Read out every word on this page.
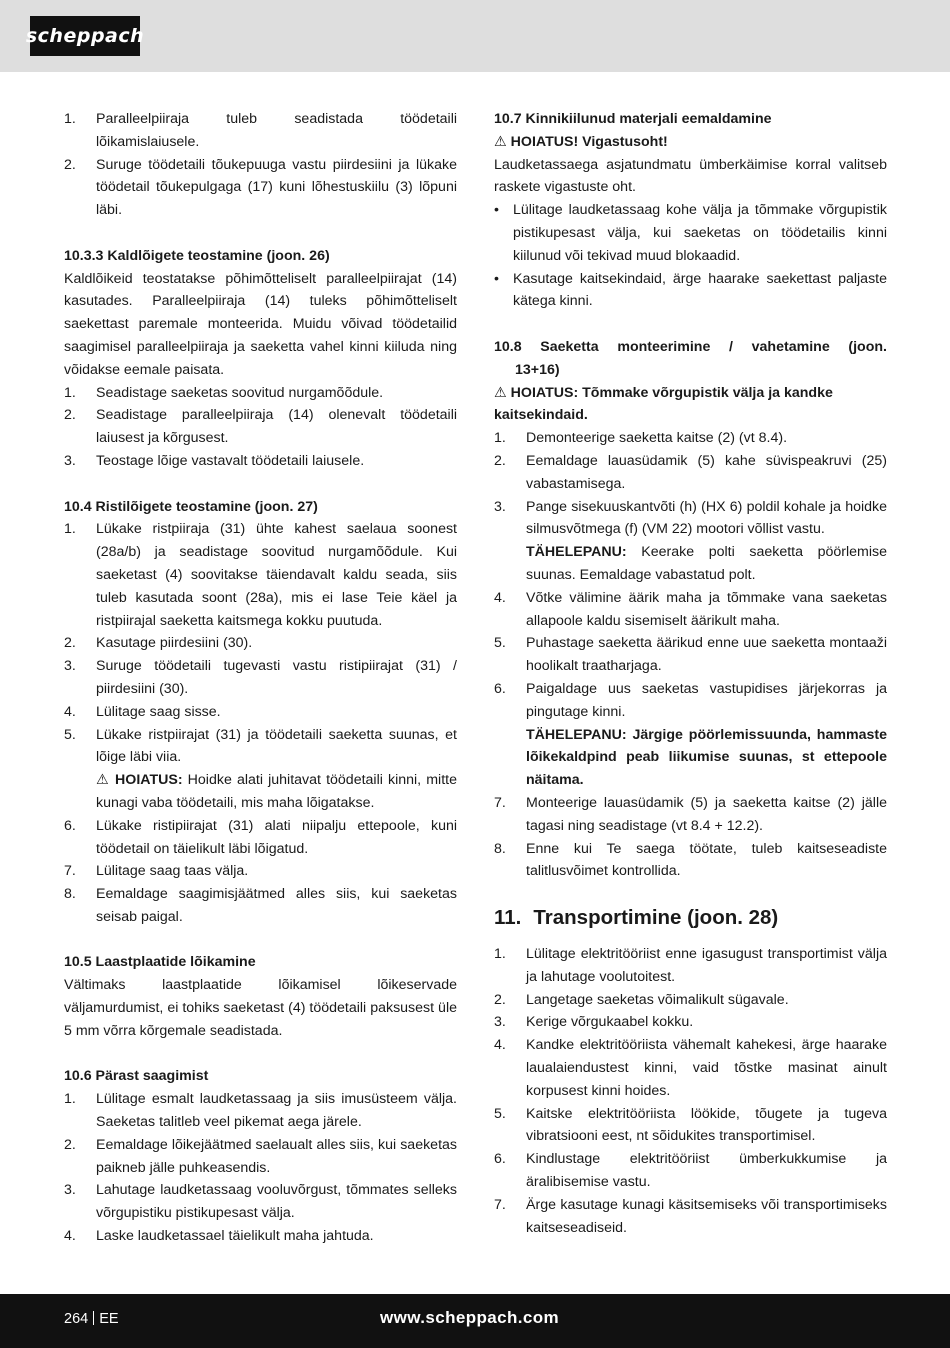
scheppach
1.	Paralleelpiiraja tuleb seadistada töödetaili lõikamislaiusele.
2.	Suruge töödetaili tõukepuuga vastu piirdesiini ja lükake töödetail tõukepulgaga (17) kuni lõhestuskiilu (3) lõpuni läbi.
10.3.3 Kaldlõigete teostamine (joon. 26)
Kaldlõikeid teostatakse põhimõtteliselt paralleelpiirajat (14) kasutades. Paralleelpiiraja (14) tuleks põhimõtteliselt saekettast paremale monteerida. Muidu võivad töödetailid saagimisel paralleelpiiraja ja saeketta vahel kinni kiiluda ning võidakse eemale paisata.
1.	Seadistage saeketas soovitud nurgamõõdule.
2.	Seadistage paralleelpiiraja (14) olenevalt töödetaili laiusest ja kõrgusest.
3.	Teostage lõige vastavalt töödetaili laiusele.
10.4 Ristilõigete teostamine (joon. 27)
1.	Lükake ristpiiraja (31) ühte kahest saelaua soonest (28a/b) ja seadistage soovitud nurgamõõdule. Kui saeketast (4) soovitakse täiendavalt kaldu seada, siis tuleb kasutada soont (28a), mis ei lase Teie käel ja ristpiirajal saeketta kaitsmega kokku puutuda.
2.	Kasutage piirdesiini (30).
3.	Suruge töödetaili tugevasti vastu ristipiirajat (31) / piirdesiini (30).
4.	Lülitage saag sisse.
5.	Lükake ristpiirajat (31) ja töödetaili saeketta suunas, et lõige läbi viia.
⚠ HOIATUS: Hoidke alati juhitavat töödetaili kinni, mitte kunagi vaba töödetaili, mis maha lõigatakse.
6.	Lükake ristipiirajat (31) alati niipalju ettepoole, kuni töödetail on täielikult läbi lõigatud.
7.	Lülitage saag taas välja.
8.	Eemaldage saagimisjäätmed alles siis, kui saeketas seisab paigal.
10.5 Laastplaatide lõikamine
Vältimaks laastplaatide lõikamisel lõikeservade väljamurdumist, ei tohiks saeketast (4) töödetaili paksusest üle 5 mm võrra kõrgemale seadistada.
10.6 Pärast saagimist
1.	Lülitage esmalt laudketassaag ja siis imusüsteem välja. Saeketas talitleb veel pikemat aega järele.
2.	Eemaldage lõikejäätmed saelaualt alles siis, kui saeketas paikneb jälle puhkeasendis.
3.	Lahutage laudketassaag vooluvõrgust, tõmmates selleks võrgupistiku pistikupesast välja.
4.	Laske laudketassael täielikult maha jahtuda.
10.7 Kinnikiilunud materjali eemaldamine
⚠ HOIATUS! Vigastusoht!
Laudketassaega asjatundmatu ümberkäimise korral valitseb raskete vigastuste oht.
• Lülitage laudketassaag kohe välja ja tõmmake võrgupistik pistikupesast välja, kui saeketas on töödetailis kinni kiilunud või tekivad muud blokaadid.
• Kasutage kaitsekindaid, ärge haarake saekettast paljaste kätega kinni.
10.8 Saeketta monteerimine / vahetamine (joon.
13+16)
⚠ HOIATUS: Tõmmake võrgupistik välja ja kandke kaitsekindaid.
1.	Demonteerige saeketta kaitse (2) (vt 8.4).
2.	Eemaldage lauasüdamik (5) kahe süvispeakruvi (25) vabastamisega.
3.	Pange sisekuuskantvõti (h) (HX 6) poldil kohale ja hoidke silmusvõtmega (f) (VM 22) mootori võllist vastu.
TÄHELEPANU: Keerake polti saeketta pöörlemise suunas. Eemaldage vabastatud polt.
4.	Võtke välimine äärik maha ja tõmmake vana saeketas allapoole kaldu sisemiselt äärikult maha.
5.	Puhastage saeketta äärikud enne uue saeketta montaaži hoolikalt traatharjaga.
6.	Paigaldage uus saeketas vastupidises järjekorras ja pingutage kinni.
TÄHELEPANU: Järgige pöörlemissuunda, hammaste lõikekaldpind peab liikumise suunas, st ettepoole näitama.
7.	Monteerige lauasüdamik (5) ja saeketta kaitse (2) jälle tagasi ning seadistage (vt 8.4 + 12.2).
8.	Enne kui Te saega töötate, tuleb kaitseseadiste talitlusvõimet kontrollida.
11. Transportimine (joon. 28)
1.	Lülitage elektritööriist enne igasugust transportimist välja ja lahutage voolutoitest.
2.	Langetage saeketas võimalikult sügavale.
3.	Kerige võrgukaabel kokku.
4.	Kandke elektritööriista vähemalt kahekesi, ärge haarake laualaiendustest kinni, vaid tõstke masinat ainult korpusest kinni hoides.
5.	Kaitske elektritööriista löökide, tõugete ja tugeva vibratsiooni eest, nt sõidukites transportimisel.
6.	Kindlustage elektritööriist ümberkukkumise ja äralibisemise vastu.
7.	Ärge kasutage kunagi käsitsemiseks või transportimiseks kaitseseadiseid.
264 EE	www.scheppach.com
